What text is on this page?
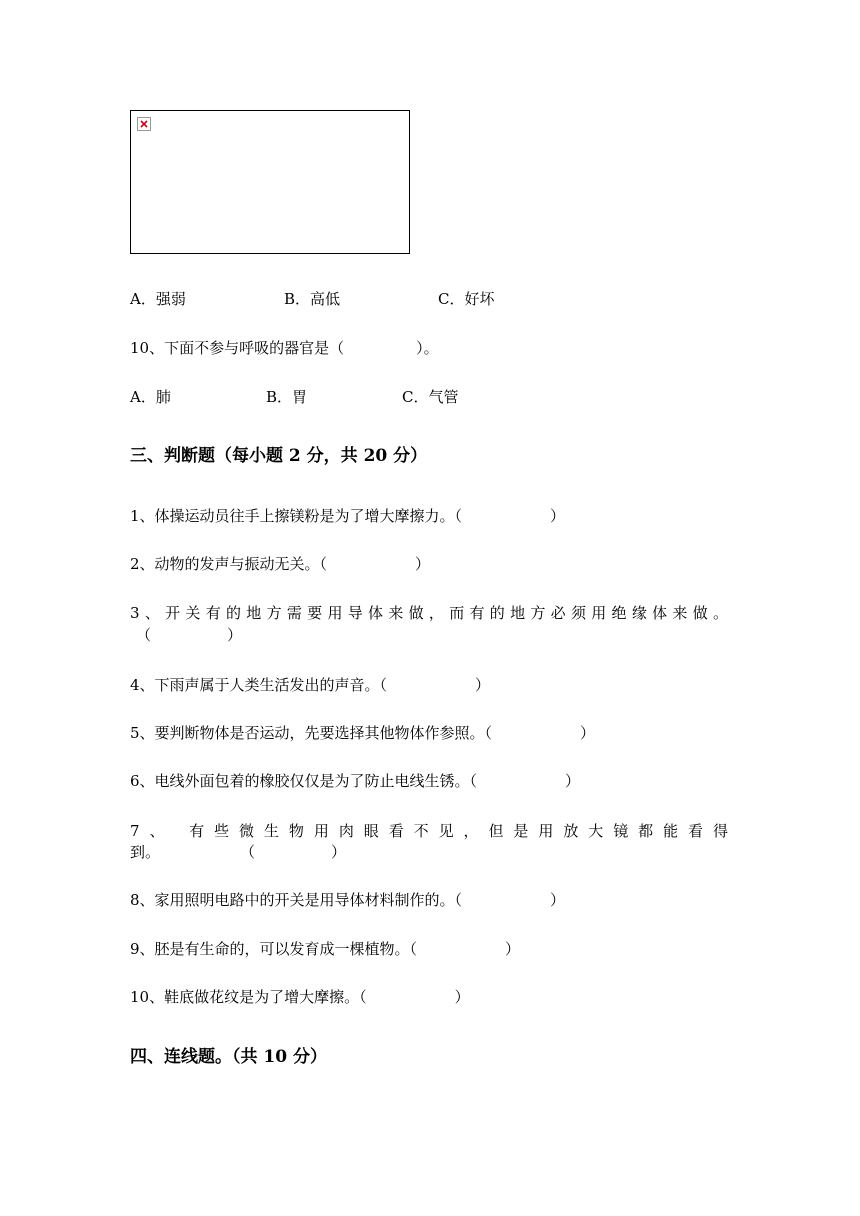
A．强弱	B．高低	C．好坏
10、下面不参与呼吸的器官是（	）。
A．肺	B．胃	C．气管
三、判断题（每小题 2 分，共 20 分）
1、体操运动员往手上擦镁粉是为了增大摩擦力。（	）
2、动物的发声与振动无关。（	）
3、开关有的地方需要用导体来做，而有的地方必须用绝缘体来做。
（	）
4、下雨声属于人类生活发出的声音。（	）
5、要判断物体是否运动，先要选择其他物体作参照。（	）
6、电线外面包着的橡胶仅仅是为了防止电线生锈。（	）
7、 有些微生物用肉眼看不见，但是用放大镜都能看得
到。	（	）
8、家用照明电路中的开关是用导体材料制作的。（	）
9、胚是有生命的，可以发育成一棵植物。（	）
10、鞋底做花纹是为了增大摩擦。（	）
四、连线题。（共 10 分）
